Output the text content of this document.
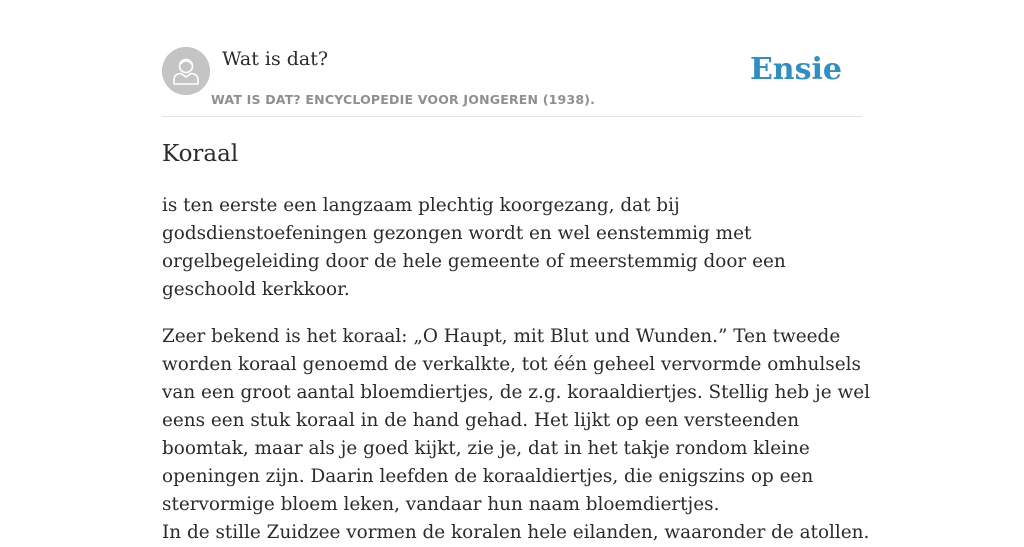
Wat is dat?
WAT IS DAT? ENCYCLOPEDIE VOOR JONGEREN (1938).
Ensie
Koraal

is ten eerste een langzaam plechtig koorgezang, dat bij godsdienstoefeningen gezongen wordt en wel eenstemmig met orgelbegeleiding door de hele gemeente of meerstemmig door een geschoold kerkkoor.

Zeer bekend is het koraal: „O Haupt, mit Blut und Wunden.” Ten tweede worden koraal genoemd de verkalkte, tot één geheel vervormde omhulsels van een groot aantal bloemdiertjes, de z.g. koraaldiertjes. Stellig heb je wel eens een stuk koraal in de hand gehad. Het lijkt op een versteenden boomtak, maar als je goed kijkt, zie je, dat in het takje rondom kleine openingen zijn. Daarin leefden de koraaldiertjes, die enigszins op een stervormige bloem leken, vandaar hun naam bloemdiertjes.

In de stille Zuidzee vormen de koralen hele eilanden, waaronder de atollen.
